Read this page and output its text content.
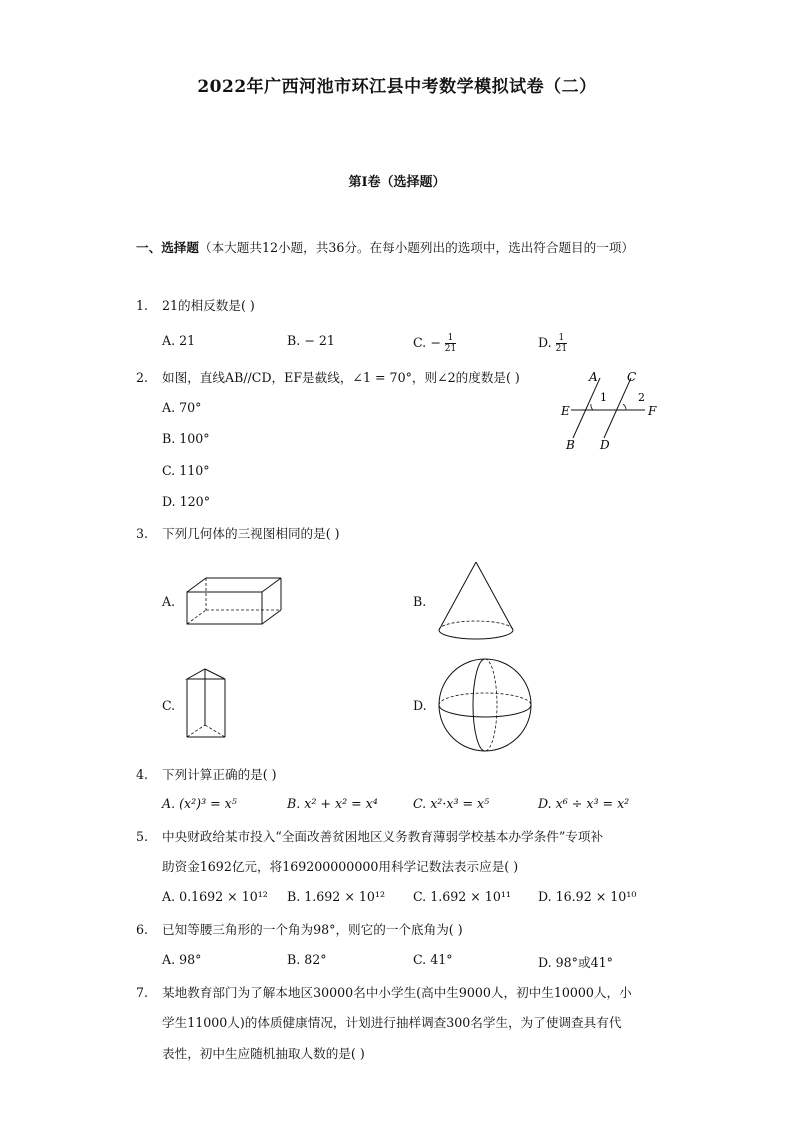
2022年广西河池市环江县中考数学模拟试卷（二）
第I卷（选择题）
一、选择题（本大题共12小题，共36分。在每小题列出的选项中，选出符合题目的一项）
1. 21的相反数是( )
A. 21	B. − 21	C. − $\frac{1}{21}$	D. $\frac{1}{21}$
2. 如图，直线AB//CD，EF是截线，∠1 = 70°，则∠2的度数是( )
A. 70°
B. 100°
C. 110°
D. 120°
A C
E	F
B D
1	2
3. 下列几何体的三视图相同的是( )
A.	B.
C.	D.
4. 下列计算正确的是( )
A. (x²)³ = x⁵	B. x² + x² = x⁴	C. x²·x³ = x⁵	D. x⁶ ÷ x³ = x²
5. 中央财政给某市投入“全面改善贫困地区义务教育薄弱学校基本办学条件”专项补
助资金1692亿元，将169200000000用科学记数法表示应是( )
A. 0.1692 × 10¹² B. 1.692 × 10¹² C. 1.692 × 10¹¹ D. 16.92 × 10¹⁰
6. 已知等腰三角形的一个角为98°，则它的一个底角为( )
A. 98°	B. 82°	C. 41°	D. 98°或41°
7. 某地教育部门为了解本地区30000名中小学生(高中生9000人，初中生10000人，小
学生11000人)的体质健康情况，计划进行抽样调查300名学生，为了使调查具有代
表性，初中生应随机抽取人数的是( )
